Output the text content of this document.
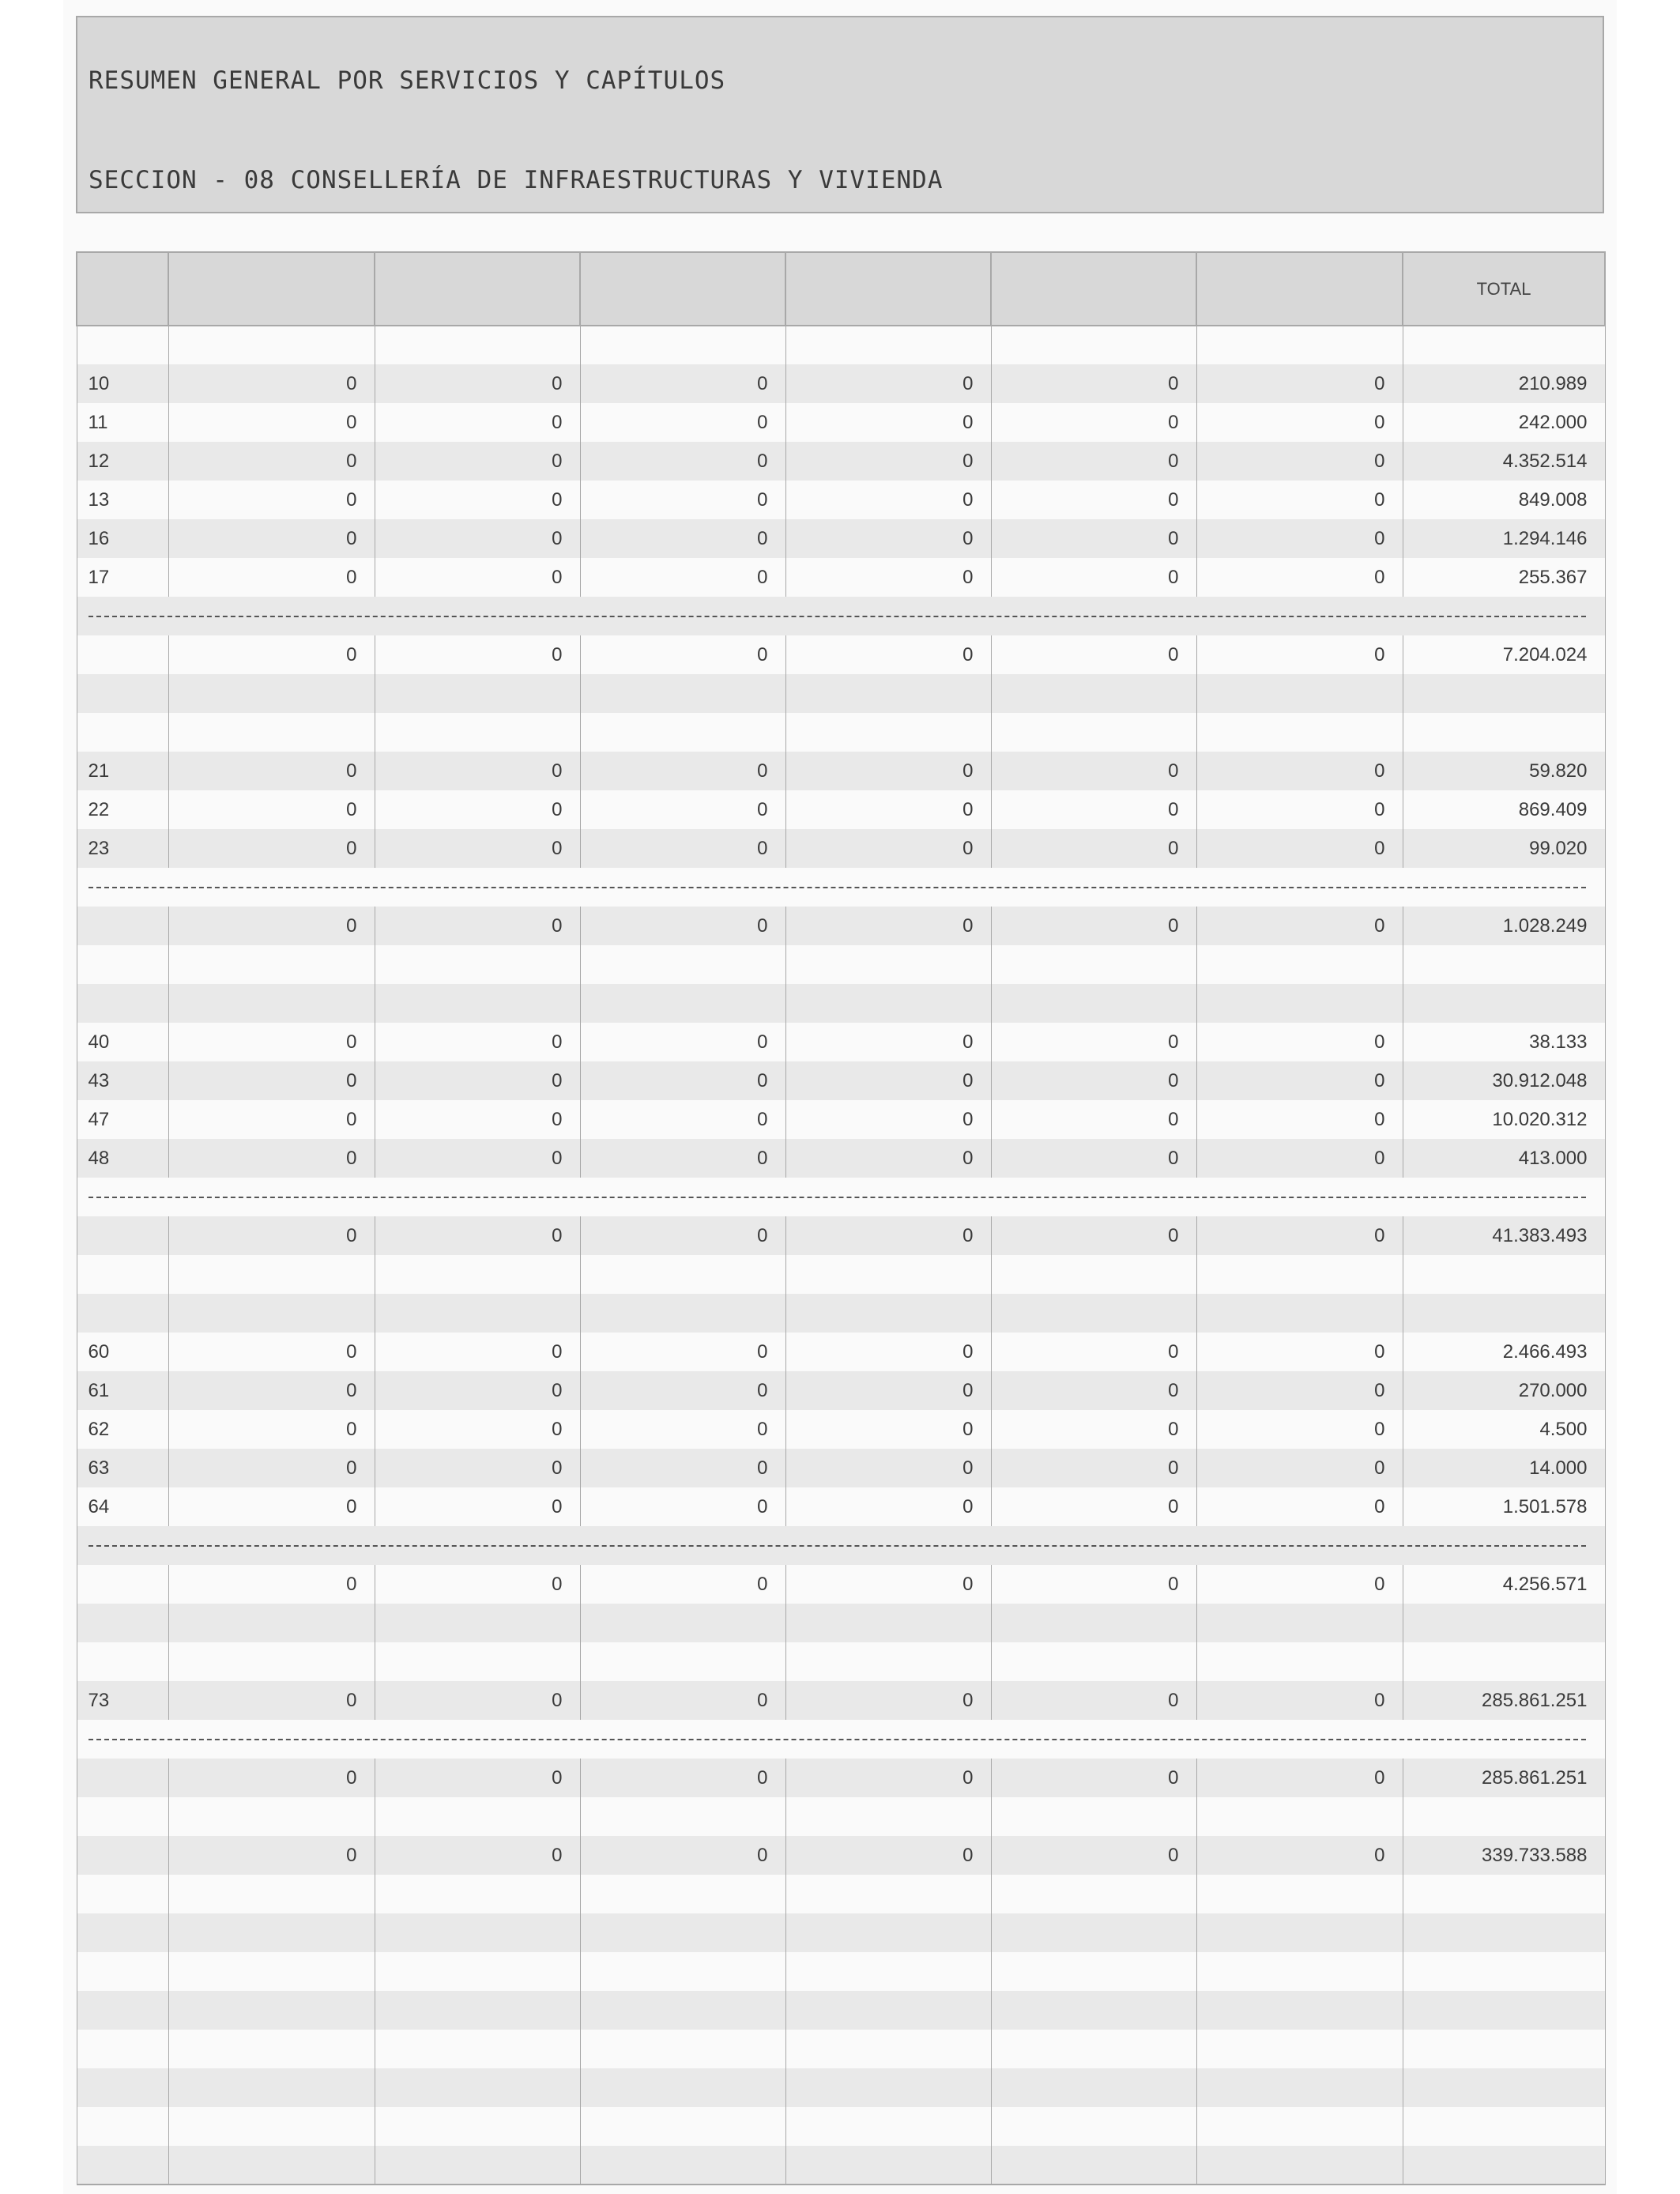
RESUMEN GENERAL POR SERVICIOS Y CAPÍTULOS
SECCION - 08 CONSELLERÍA DE INFRAESTRUCTURAS Y VIVIENDA
							TOTAL

10	0	0	0	0	0	0	210.989
11	0	0	0	0	0	0	242.000
12	0	0	0	0	0	0	4.352.514
13	0	0	0	0	0	0	849.008
16	0	0	0	0	0	0	1.294.146
17	0	0	0	0	0	0	255.367

	0	0	0	0	0	0	7.204.024

21	0	0	0	0	0	0	59.820
22	0	0	0	0	0	0	869.409
23	0	0	0	0	0	0	99.020

	0	0	0	0	0	0	1.028.249

40	0	0	0	0	0	0	38.133
43	0	0	0	0	0	0	30.912.048
47	0	0	0	0	0	0	10.020.312
48	0	0	0	0	0	0	413.000

	0	0	0	0	0	0	41.383.493

60	0	0	0	0	0	0	2.466.493
61	0	0	0	0	0	0	270.000
62	0	0	0	0	0	0	4.500
63	0	0	0	0	0	0	14.000
64	0	0	0	0	0	0	1.501.578

	0	0	0	0	0	0	4.256.571

73	0	0	0	0	0	0	285.861.251

	0	0	0	0	0	0	285.861.251

	0	0	0	0	0	0	339.733.588
